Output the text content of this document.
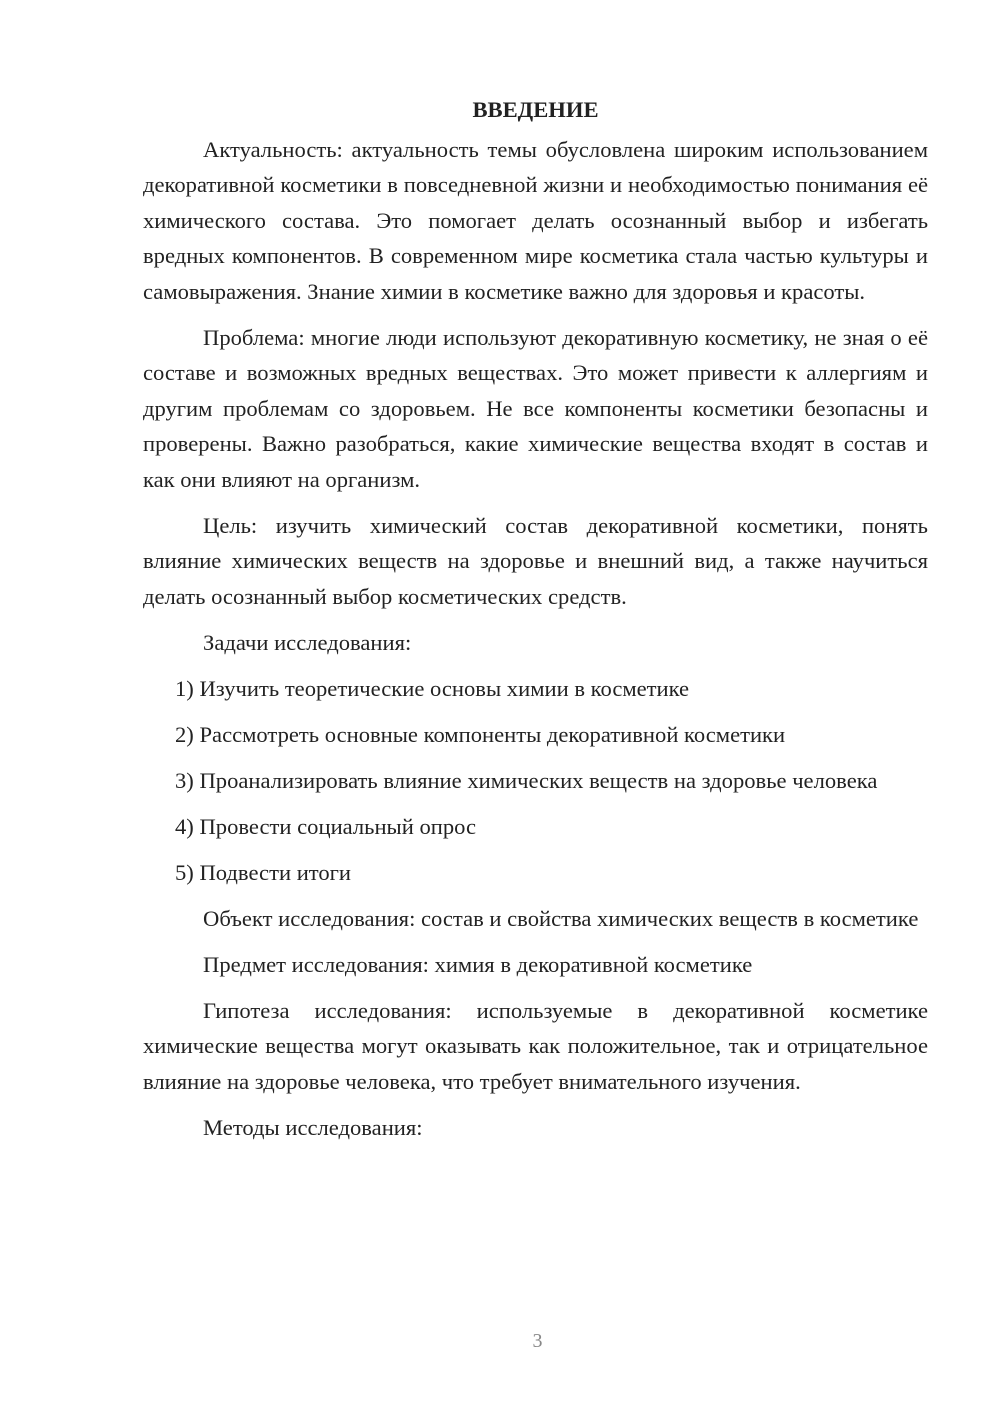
ВВЕДЕНИЕ

Актуальность: актуальность темы обусловлена широким использованием декоративной косметики в повседневной жизни и необходимостью понимания её химического состава. Это помогает делать осознанный выбор и избегать вредных компонентов. В современном мире косметика стала частью культуры и самовыражения. Знание химии в косметике важно для здоровья и красоты.

Проблема: многие люди используют декоративную косметику, не зная о её составе и возможных вредных веществах. Это может привести к аллергиям и другим проблемам со здоровьем. Не все компоненты косметики безопасны и проверены. Важно разобраться, какие химические вещества входят в состав и как они влияют на организм.

Цель: изучить химический состав декоративной косметики, понять влияние химических веществ на здоровье и внешний вид, а также научиться делать осознанный выбор косметических средств.

Задачи исследования:

1) Изучить теоретические основы химии в косметике

2) Рассмотреть основные компоненты декоративной косметики

3) Проанализировать влияние химических веществ на здоровье человека

4) Провести социальный опрос

5) Подвести итоги

Объект исследования: состав и свойства химических веществ в косметике

Предмет исследования: химия в декоративной косметике

Гипотеза исследования: используемые в декоративной косметике химические вещества могут оказывать как положительное, так и отрицательное влияние на здоровье человека, что требует внимательного изучения.

Методы исследования:

3
